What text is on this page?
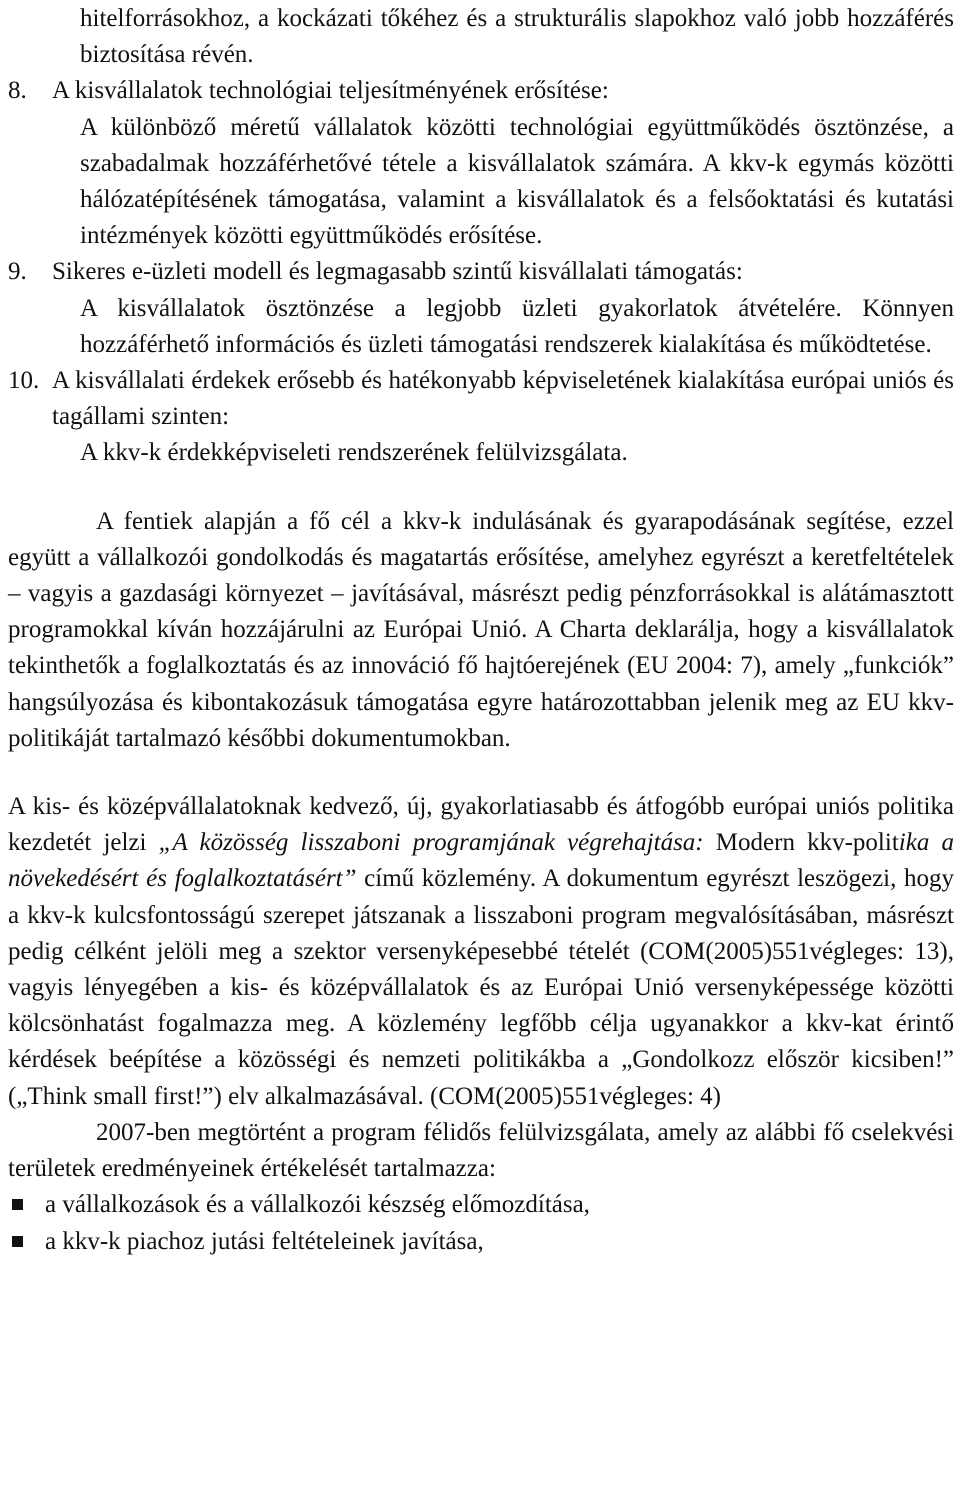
hitelforrásokhoz, a kockázati tőkéhez és a strukturális slapokhoz való jobb hozzáférés biztosítása révén.

8.	A kisvállalatok technológiai teljesítményének erősítése:

A különböző méretű vállalatok közötti technológiai együttműködés ösztönzése, a szabadalmak hozzáférhetővé tétele a kisvállalatok számára. A kkv-k egymás közötti hálózatépítésének támogatása, valamint a kisvállalatok és a felsőoktatási és kutatási intézmények közötti együttműködés erősítése.

9.	Sikeres e-üzleti modell és legmagasabb szintű kisvállalati támogatás:

A kisvállalatok ösztönzése a legjobb üzleti gyakorlatok átvételére. Könnyen hozzáférhető információs és üzleti támogatási rendszerek kialakítása és működtetése.

10. A kisvállalati érdekek erősebb és hatékonyabb képviseletének kialakítása európai uniós és tagállami szinten:

A kkv-k érdekképviseleti rendszerének felülvizsgálata.

A fentiek alapján a fő cél a kkv-k indulásának és gyarapodásának segítése, ezzel együtt a vállalkozói gondolkodás és magatartás erősítése, amelyhez egyrészt a keretfeltételek – vagyis a gazdasági környezet – javításával, másrészt pedig pénzforrásokkal is alátámasztott programokkal kíván hozzájárulni az Európai Unió. A Charta deklarálja, hogy a kisvállalatok tekinthetők a foglalkoztatás és az innováció fő hajtóerejének (EU 2004: 7), amely „funkciók” hangsúlyozása és kibontakozásuk támogatása egyre határozottabban jelenik meg az EU kkv-politikáját tartalmazó későbbi dokumentumokban.

A kis- és középvállalatoknak kedvező, új, gyakorlatiasabb és átfogóbb európai uniós politika kezdetét jelzi „A közösség lisszaboni programjának végrehajtása: Modern kkv-politika a növekedésért és foglalkoztatásért” című közlemény. A dokumentum egyrészt leszögezi, hogy a kkv-k kulcsfontosságú szerepet játszanak a lisszaboni program megvalósításában, másrészt pedig célként jelöli meg a szektor versenyképesebbé tételét (COM(2005)551végleges: 13), vagyis lényegében a kis- és középvállalatok és az Európai Unió versenyképessége közötti kölcsönhatást fogalmazza meg. A közlemény legfőbb célja ugyanakkor a kkv-kat érintő kérdések beépítése a közösségi és nemzeti politikákba a „Gondolkozz először kicsiben!” („Think small first!”) elv alkalmazásával. (COM(2005)551végleges: 4)

2007-ben megtörtént a program félidős felülvizsgálata, amely az alábbi fő cselekvési területek eredményeinek értékelését tartalmazza:

a vállalkozások és a vállalkozói készség előmozdítása,
a kkv-k piachoz jutási feltételeinek javítása,
